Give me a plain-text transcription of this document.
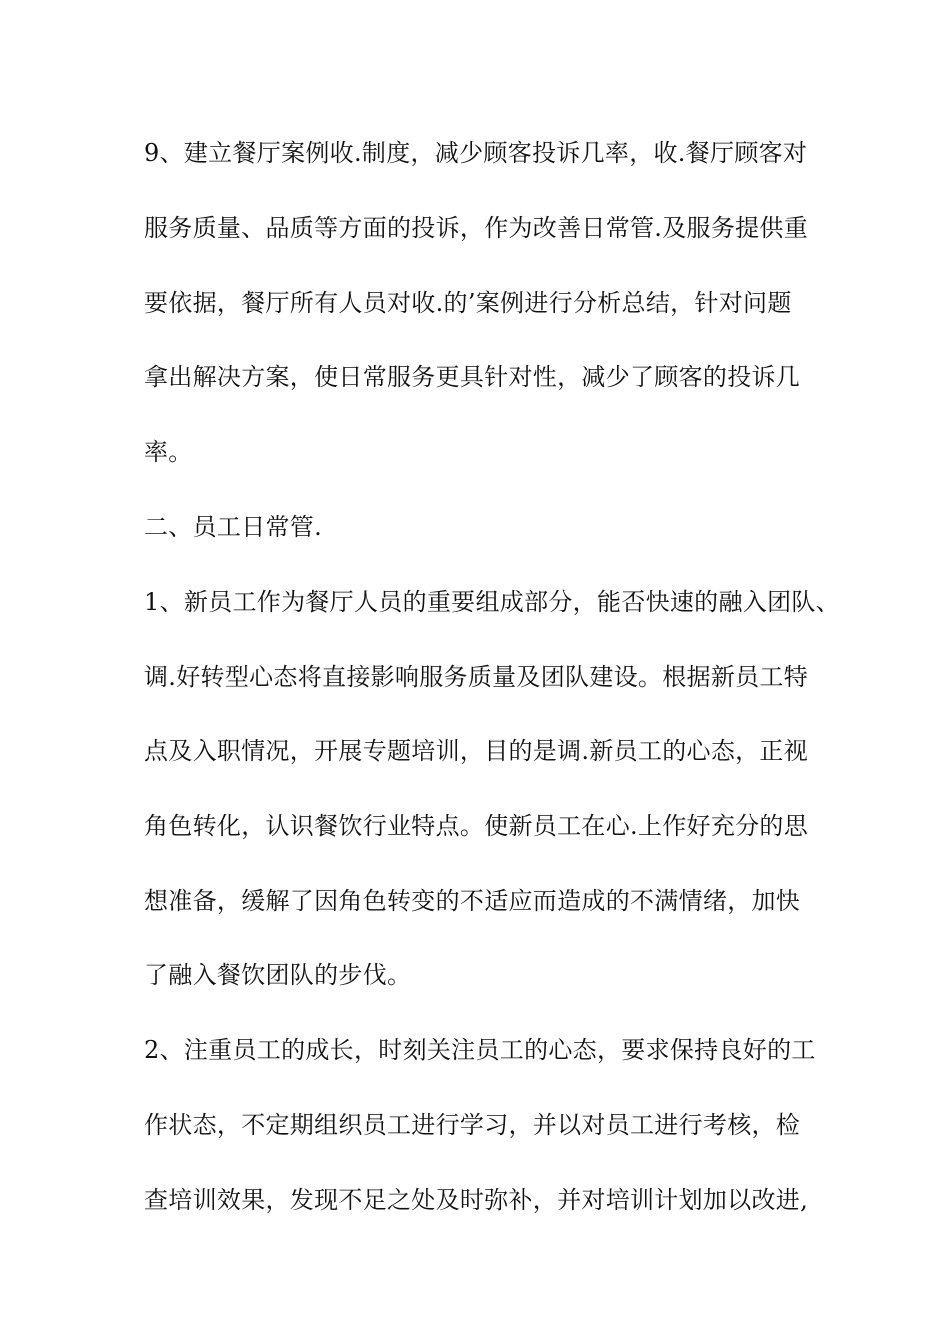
9、建立餐厅案例收.制度，减少顾客投诉几率，收.餐厅顾客对
服务质量、品质等方面的投诉，作为改善日常管.及服务提供重
要依据，餐厅所有人员对收.的’案例进行分析总结，针对问题
拿出解决方案，使日常服务更具针对性，减少了顾客的投诉几
率。
二、员工日常管.
1、新员工作为餐厅人员的重要组成部分，能否快速的融入团队、
调.好转型心态将直接影响服务质量及团队建设。根据新员工特
点及入职情况，开展专题培训，目的是调.新员工的心态，正视
角色转化，认识餐饮行业特点。使新员工在心.上作好充分的思
想准备，缓解了因角色转变的不适应而造成的不满情绪，加快
了融入餐饮团队的步伐。
2、注重员工的成长，时刻关注员工的心态，要求保持良好的工
作状态，不定期组织员工进行学习，并以对员工进行考核，检
查培训效果，发现不足之处及时弥补，并对培训计划加以改进,
